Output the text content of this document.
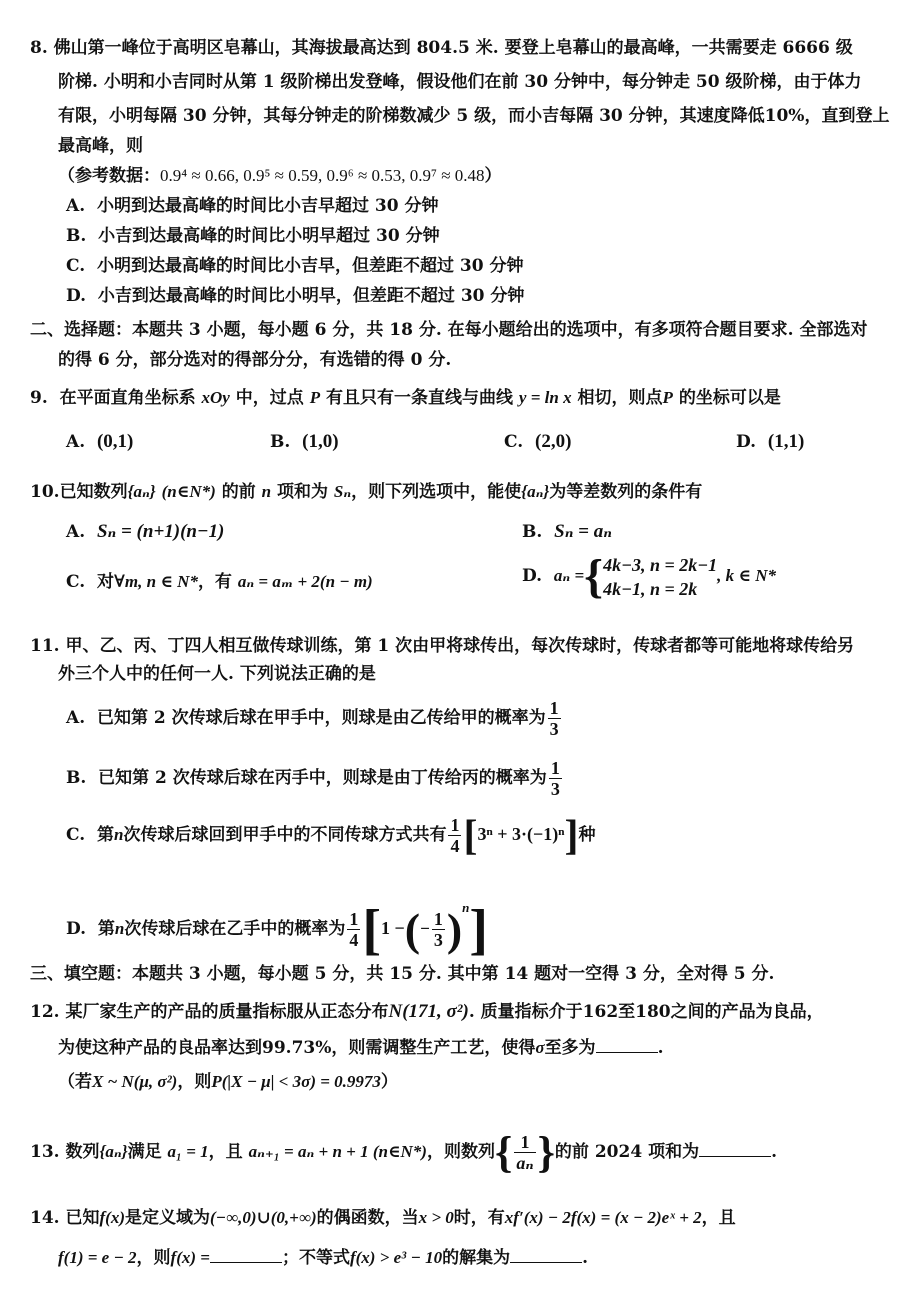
8. 佛山第一峰位于高明区皂幕山，其海拔最高达到 804.5 米. 要登上皂幕山的最高峰，一共需要走 6666 级
阶梯. 小明和小吉同时从第 1 级阶梯出发登峰，假设他们在前 30 分钟中，每分钟走 50 级阶梯，由于体力
有限，小明每隔 30 分钟，其每分钟走的阶梯数减少 5 级，而小吉每隔 30 分钟，其速度降低10%，直到登上
最高峰，则
（参考数据：0.9⁴ ≈ 0.66, 0.9⁵ ≈ 0.59, 0.9⁶ ≈ 0.53, 0.9⁷ ≈ 0.48）
A. 小明到达最高峰的时间比小吉早超过 30 分钟
B. 小吉到达最高峰的时间比小明早超过 30 分钟
C. 小明到达最高峰的时间比小吉早，但差距不超过 30 分钟
D. 小吉到达最高峰的时间比小明早，但差距不超过 30 分钟
二、选择题：本题共 3 小题，每小题 6 分，共 18 分. 在每小题给出的选项中，有多项符合题目要求. 全部选对
的得 6 分，部分选对的得部分分，有选错的得 0 分.
9. 在平面直角坐标系 xOy 中，过点 P 有且只有一条直线与曲线 y = ln x 相切，则点P 的坐标可以是
A. (0,1)	B. (1,0)	C. (2,0)	D. (1,1)
10.已知数列{aₙ} (n∈N*) 的前 n 项和为 Sₙ，则下列选项中，能使{aₙ}为等差数列的条件有
A. Sₙ = (n+1)(n−1)	B. Sₙ = aₙ
C. 对∀m, n ∈ N*，有 aₙ = aₘ + 2(n − m)	D. aₙ ={ 4k−3, n = 2k−1
4k−1, n = 2k
, k ∈ N*
11. 甲、乙、丙、丁四人相互做传球训练，第 1 次由甲将球传出，每次传球时，传球者都等可能地将球传给另
外三个人中的任何一人. 下列说法正确的是
A. 已知第 2 次传球后球在甲手中，则球是由乙传给甲的概率为 $\frac{1}{3}$
B. 已知第 2 次传球后球在丙手中，则球是由丁传给丙的概率为 $\frac{1}{3}$
C. 第n次传球后球回到甲手中的不同传球方式共有 $\frac{1}{4} [3^n + 3\cdot(-1)^n]$种
D. 第n次传球后球在乙手中的概率为 $\frac{1}{4} [1$ −(− $\frac{1}{3} )^n$]
三、填空题：本题共 3 小题，每小题 5 分，共 15 分. 其中第 14 题对一空得 3 分，全对得 5 分.
12. 某厂家生产的产品的质量指标服从正态分布N(171, σ²). 质量指标介于162至180之间的产品为良品，
为使这种产品的良品率达到99.73%，则需调整生产工艺，使得σ至多为	.
（若X ~ N(μ, σ²)，则P(|X − μ| < 3σ) = 0.9973）
13. 数列{aₙ}满足 a₁ = 1，且 aₙ₊₁ = aₙ + n + 1 (n∈N*)，则数列{ $\frac{1}{\text{aₙ}}$ }的前 2024 项和为	.
14. 已知f(x)是定义域为(−∞,0)∪(0,+∞)的偶函数，当x > 0时，有xf′(x) − 2f(x) = (x − 2)eˣ + 2，且
f(1) = e − 2，则f(x) =	；不等式f(x) > e³ − 10的解集为	.
